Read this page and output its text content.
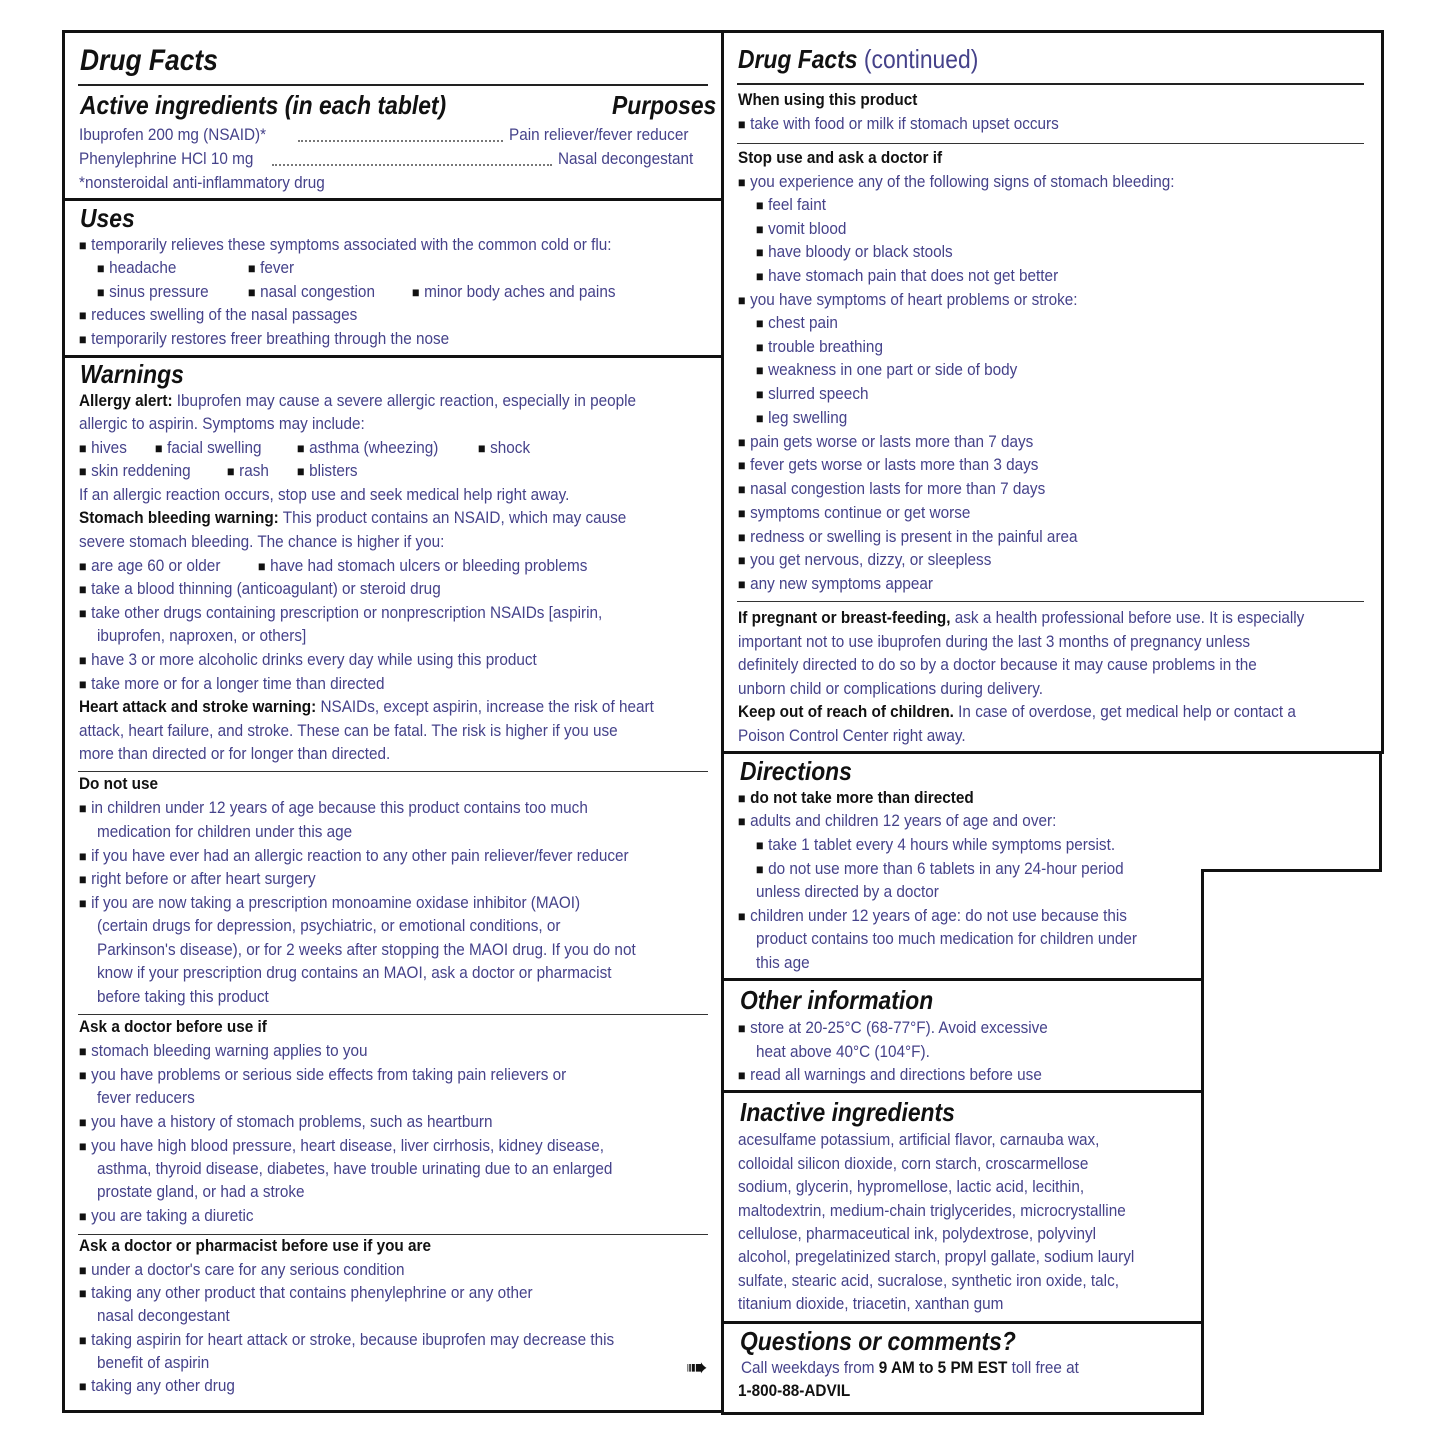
Drug Facts
Active ingredients (in each tablet)	Purposes
Ibuprofen 200 mg (NSAID)*	Pain reliever/fever reducer
Phenylephrine HCl 10 mg	Nasal decongestant
*nonsteroidal anti-inflammatory drug
Uses
■ temporarily relieves these symptoms associated with the common cold or flu:
■ headache	■ fever
■ sinus pressure	■ nasal congestion	■ minor body aches and pains
■ reduces swelling of the nasal passages
■ temporarily restores freer breathing through the nose
Warnings
Allergy alert: Ibuprofen may cause a severe allergic reaction, especially in people
allergic to aspirin. Symptoms may include:
■ hives	■ facial swelling	■ asthma (wheezing)	■ shock
■ skin reddening	■ rash	■ blisters
If an allergic reaction occurs, stop use and seek medical help right away.
Stomach bleeding warning: This product contains an NSAID, which may cause
severe stomach bleeding. The chance is higher if you:
■ are age 60 or older	■ have had stomach ulcers or bleeding problems
■ take a blood thinning (anticoagulant) or steroid drug
■ take other drugs containing prescription or nonprescription NSAIDs [aspirin,
ibuprofen, naproxen, or others]
■ have 3 or more alcoholic drinks every day while using this product
■ take more or for a longer time than directed
Heart attack and stroke warning: NSAIDs, except aspirin, increase the risk of heart
attack, heart failure, and stroke. These can be fatal. The risk is higher if you use
more than directed or for longer than directed.
Do not use
■ in children under 12 years of age because this product contains too much
medication for children under this age
■ if you have ever had an allergic reaction to any other pain reliever/fever reducer
■ right before or after heart surgery
■ if you are now taking a prescription monoamine oxidase inhibitor (MAOI)
(certain drugs for depression, psychiatric, or emotional conditions, or
Parkinson's disease), or for 2 weeks after stopping the MAOI drug. If you do not
know if your prescription drug contains an MAOI, ask a doctor or pharmacist
before taking this product
Ask a doctor before use if
■ stomach bleeding warning applies to you
■ you have problems or serious side effects from taking pain relievers or
fever reducers
■ you have a history of stomach problems, such as heartburn
■ you have high blood pressure, heart disease, liver cirrhosis, kidney disease,
asthma, thyroid disease, diabetes, have trouble urinating due to an enlarged
prostate gland, or had a stroke
■ you are taking a diuretic
Ask a doctor or pharmacist before use if you are
■ under a doctor's care for any serious condition
■ taking any other product that contains phenylephrine or any other
nasal decongestant
■ taking aspirin for heart attack or stroke, because ibuprofen may decrease this
benefit of aspirin
■ taking any other drug
➠
Drug Facts (continued)
When using this product
■ take with food or milk if stomach upset occurs
Stop use and ask a doctor if
■ you experience any of the following signs of stomach bleeding:
■ feel faint
■ vomit blood
■ have bloody or black stools
■ have stomach pain that does not get better
■ you have symptoms of heart problems or stroke:
■ chest pain
■ trouble breathing
■ weakness in one part or side of body
■ slurred speech
■ leg swelling
■ pain gets worse or lasts more than 7 days
■ fever gets worse or lasts more than 3 days
■ nasal congestion lasts for more than 7 days
■ symptoms continue or get worse
■ redness or swelling is present in the painful area
■ you get nervous, dizzy, or sleepless
■ any new symptoms appear
If pregnant or breast-feeding, ask a health professional before use. It is especially
important not to use ibuprofen during the last 3 months of pregnancy unless
definitely directed to do so by a doctor because it may cause problems in the
unborn child or complications during delivery.
Keep out of reach of children. In case of overdose, get medical help or contact a
Poison Control Center right away.
Directions
■ do not take more than directed
■ adults and children 12 years of age and over:
■ take 1 tablet every 4 hours while symptoms persist.
■ do not use more than 6 tablets in any 24-hour period
unless directed by a doctor
■ children under 12 years of age: do not use because this
product contains too much medication for children under
this age
Other information
■ store at 20-25°C (68-77°F). Avoid excessive
heat above 40°C (104°F).
■ read all warnings and directions before use
Inactive ingredients
acesulfame potassium, artificial flavor, carnauba wax,
colloidal silicon dioxide, corn starch, croscarmellose
sodium, glycerin, hypromellose, lactic acid, lecithin,
maltodextrin, medium-chain triglycerides, microcrystalline
cellulose, pharmaceutical ink, polydextrose, polyvinyl
alcohol, pregelatinized starch, propyl gallate, sodium lauryl
sulfate, stearic acid, sucralose, synthetic iron oxide, talc,
titanium dioxide, triacetin, xanthan gum
Questions or comments?
Call weekdays from 9 AM to 5 PM EST toll free at
1-800-88-ADVIL
